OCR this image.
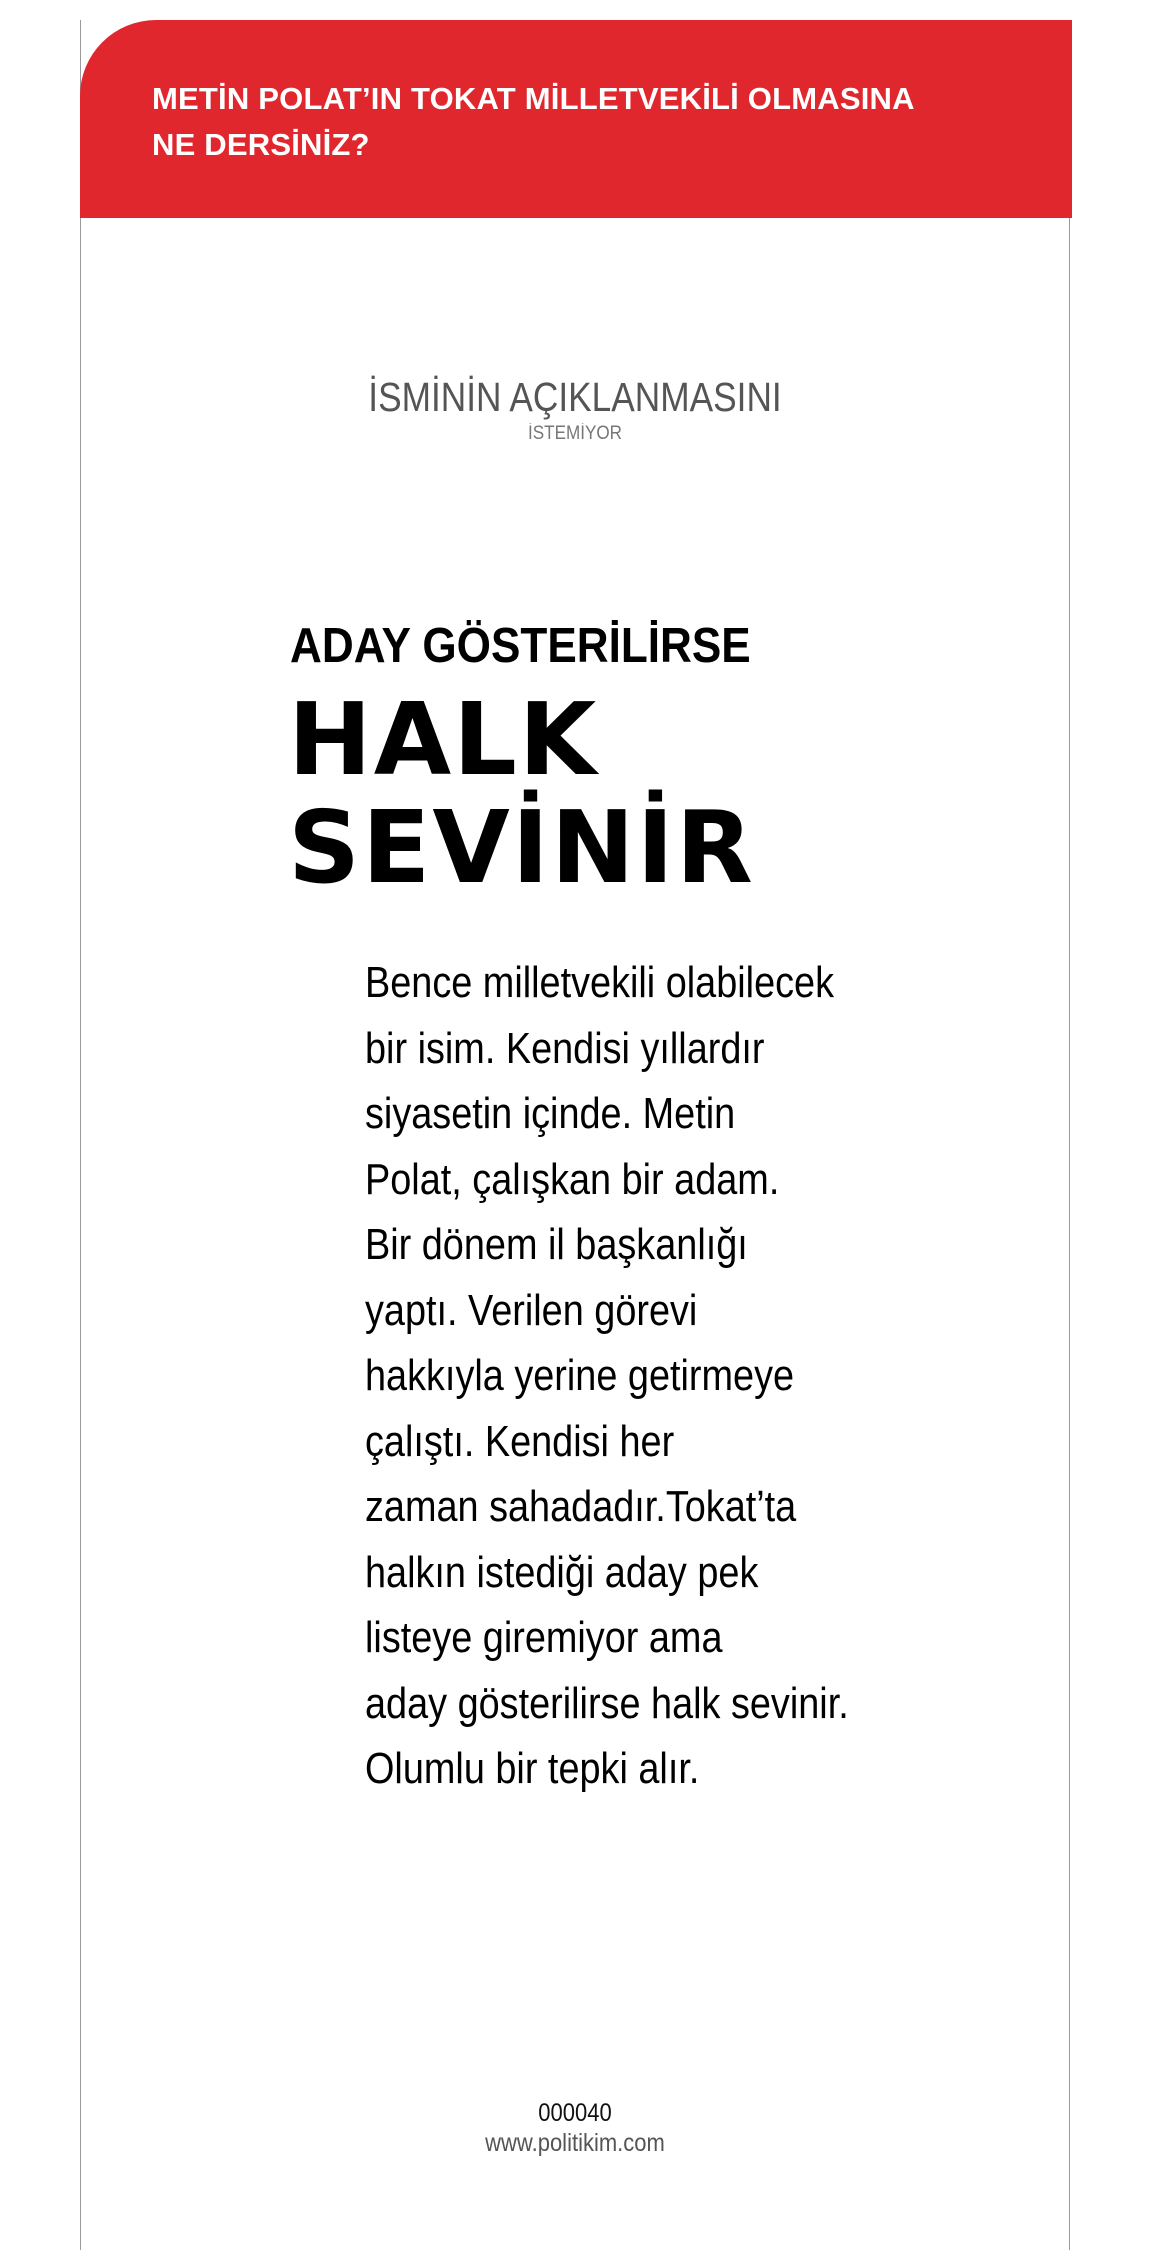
METİN POLAT’IN TOKAT MİLLETVEKİLİ OLMASINA
NE DERSİNİZ?
İSMİNİN AÇIKLANMASINI
İSTEMİYOR
ADAY GÖSTERİLİRSE
HALK
SEVİNİR

Bence milletvekili olabilecek
bir isim. Kendisi yıllardır
siyasetin içinde. Metin
Polat, çalışkan bir adam.
Bir dönem il başkanlığı
yaptı. Verilen görevi
hakkıyla yerine getirmeye
çalıştı. Kendisi her
zaman sahadadır.Tokat’ta
halkın istediği aday pek
listeye giremiyor ama
aday gösterilirse halk sevinir.
Olumlu bir tepki alır.

000040
www.politikim.com
